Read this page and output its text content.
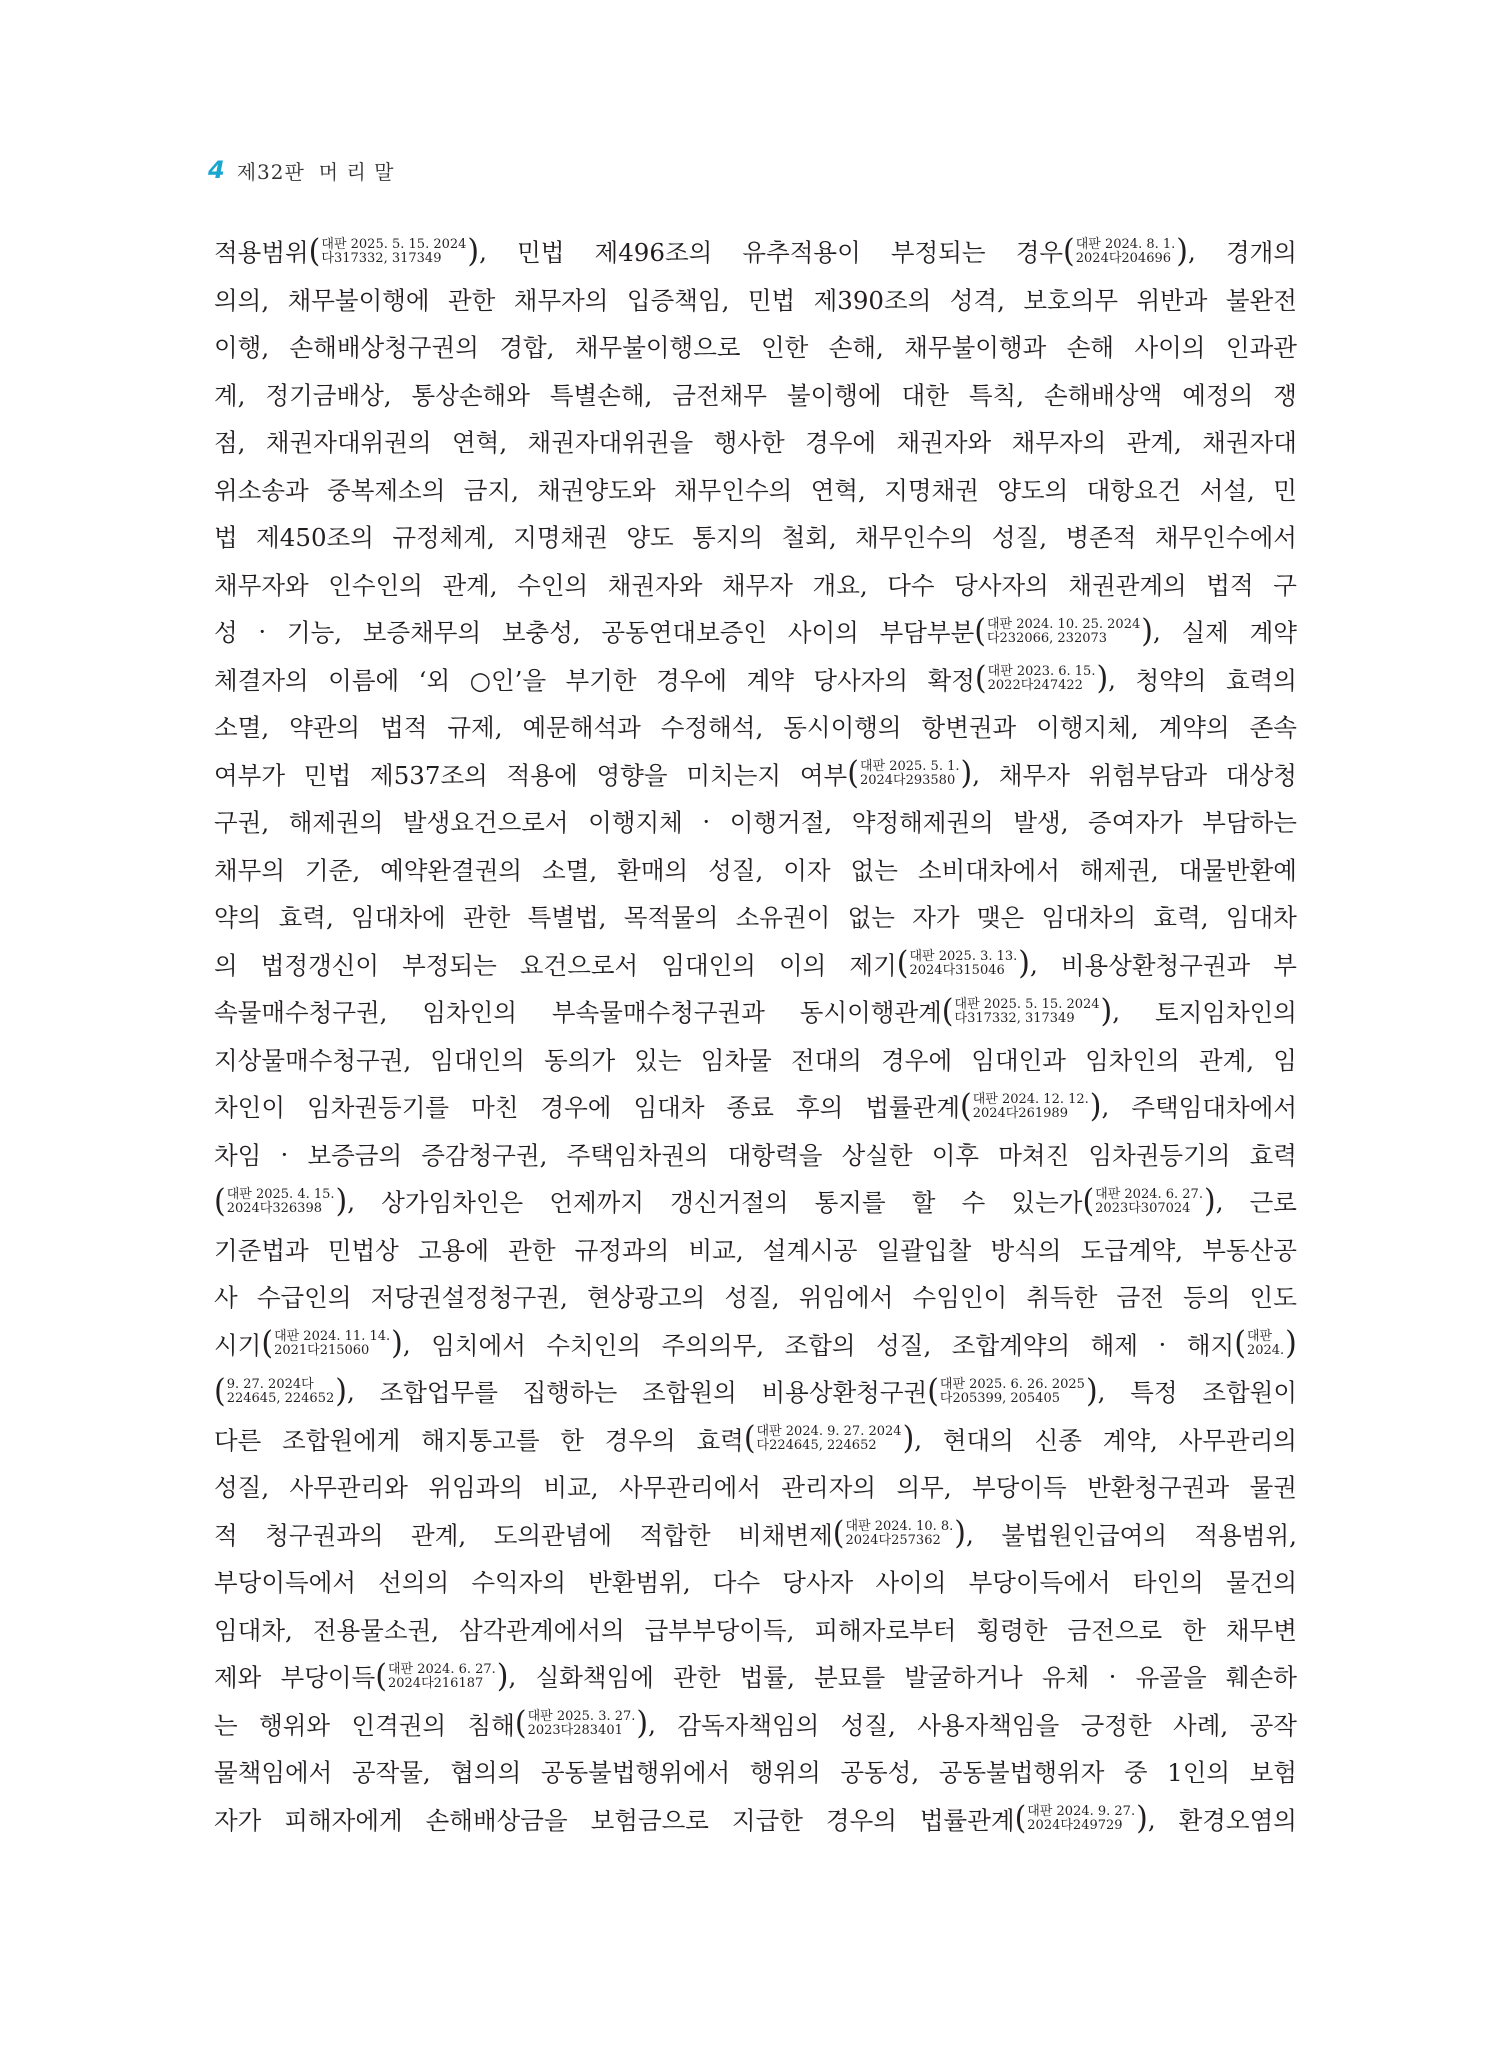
4 제32판 머 리 말
적용범위 ( 대판 2025. 5. 15. 2024
다317332, 317349 ) , 민법 제496조의 유추적용이 부정되는 경우 ( 대판 2024. 8. 1.
2024다204696 ) , 경개의
의의, 채무불이행에 관한 채무자의 입증책임, 민법 제390조의 성격, 보호의무 위반과 불완전
이행, 손해배상청구권의 경합, 채무불이행으로 인한 손해, 채무불이행과 손해 사이의 인과관
계, 정기금배상, 통상손해와 특별손해, 금전채무 불이행에 대한 특칙, 손해배상액 예정의 쟁
점, 채권자대위권의 연혁, 채권자대위권을 행사한 경우에 채권자와 채무자의 관계, 채권자대
위소송과 중복제소의 금지, 채권양도와 채무인수의 연혁, 지명채권 양도의 대항요건 서설, 민
법 제450조의 규정체계, 지명채권 양도 통지의 철회, 채무인수의 성질, 병존적 채무인수에서
채무자와 인수인의 관계, 수인의 채권자와 채무자 개요, 다수 당사자의 채권관계의 법적 구
성 · 기능, 보증채무의 보충성, 공동연대보증인 사이의 부담부분 ( 대판 2024. 10. 25. 2024
다232066, 232073	) , 실제 계약
체결자의 이름에 ‘외 ○인’을 부기한 경우에 계약 당사자의 확정 ( 대판 2023. 6. 15.
2022다247422 ) , 청약의 효력의
소멸, 약관의 법적 규제, 예문해석과 수정해석, 동시이행의 항변권과 이행지체, 계약의 존속
여부가 민법 제537조의 적용에 영향을 미치는지 여부 ( 대판 2025. 5. 1.
2024다293580 ) , 채무자 위험부담과 대상청
구권, 해제권의 발생요건으로서 이행지체 · 이행거절, 약정해제권의 발생, 증여자가 부담하는
채무의 기준, 예약완결권의 소멸, 환매의 성질, 이자 없는 소비대차에서 해제권, 대물반환예
약의 효력, 임대차에 관한 특별법, 목적물의 소유권이 없는 자가 맺은 임대차의 효력, 임대차
의 법정갱신이 부정되는 요건으로서 임대인의 이의 제기 ( 대판 2025. 3. 13.
2024다315046 ) , 비용상환청구권과 부
속물매수청구권, 임차인의 부속물매수청구권과 동시이행관계 ( 대판 2025. 5. 15. 2024
다317332, 317349 ) , 토지임차인의
지상물매수청구권, 임대인의 동의가 있는 임차물 전대의 경우에 임대인과 임차인의 관계, 임
차인이 임차권등기를 마친 경우에 임대차 종료 후의 법률관계 ( 대판 2024. 12. 12.
2024다261989 ) , 주택임대차에서
차임 · 보증금의 증감청구권, 주택임차권의 대항력을 상실한 이후 마쳐진 임차권등기의 효력
( 대판 2025. 4. 15.
2024다326398 ) , 상가임차인은 언제까지 갱신거절의 통지를 할 수 있는가 ( 대판 2024. 6. 27.
2023다307024 ) , 근로
기준법과 민법상 고용에 관한 규정과의 비교, 설계시공 일괄입찰 방식의 도급계약, 부동산공
사 수급인의 저당권설정청구권, 현상광고의 성질, 위임에서 수임인이 취득한 금전 등의 인도
시기 ( 대판 2024. 11. 14.
2021다215060 ) , 임치에서 수치인의 주의의무, 조합의 성질, 조합계약의 해제 · 해지 ( 대판
2024. )
( 9. 27. 2024다
224645, 224652 ) , 조합업무를 집행하는 조합원의 비용상환청구권 ( 대판 2025. 6. 26. 2025
다205399, 205405 ) , 특정 조합원이
다른 조합원에게 해지통고를 한 경우의 효력 ( 대판 2024. 9. 27. 2024
다224645, 224652 ) , 현대의 신종 계약, 사무관리의
성질, 사무관리와 위임과의 비교, 사무관리에서 관리자의 의무, 부당이득 반환청구권과 물권
적 청구권과의 관계, 도의관념에 적합한 비채변제 ( 대판 2024. 10. 8.
2024다257362 ) , 불법원인급여의 적용범위,
부당이득에서 선의의 수익자의 반환범위, 다수 당사자 사이의 부당이득에서 타인의 물건의
임대차, 전용물소권, 삼각관계에서의 급부부당이득, 피해자로부터 횡령한 금전으로 한 채무변
제와 부당이득 ( 대판 2024. 6. 27.
2024다216187 ) , 실화책임에 관한 법률, 분묘를 발굴하거나 유체 · 유골을 훼손하
는 행위와 인격권의 침해 ( 대판 2025. 3. 27.
2023다283401 ) , 감독자책임의 성질, 사용자책임을 긍정한 사례, 공작
물책임에서 공작물, 협의의 공동불법행위에서 행위의 공동성, 공동불법행위자 중 1인의 보험
자가 피해자에게 손해배상금을 보험금으로 지급한 경우의 법률관계 ( 대판 2024. 9. 27.
2024다249729 ) , 환경오염의
